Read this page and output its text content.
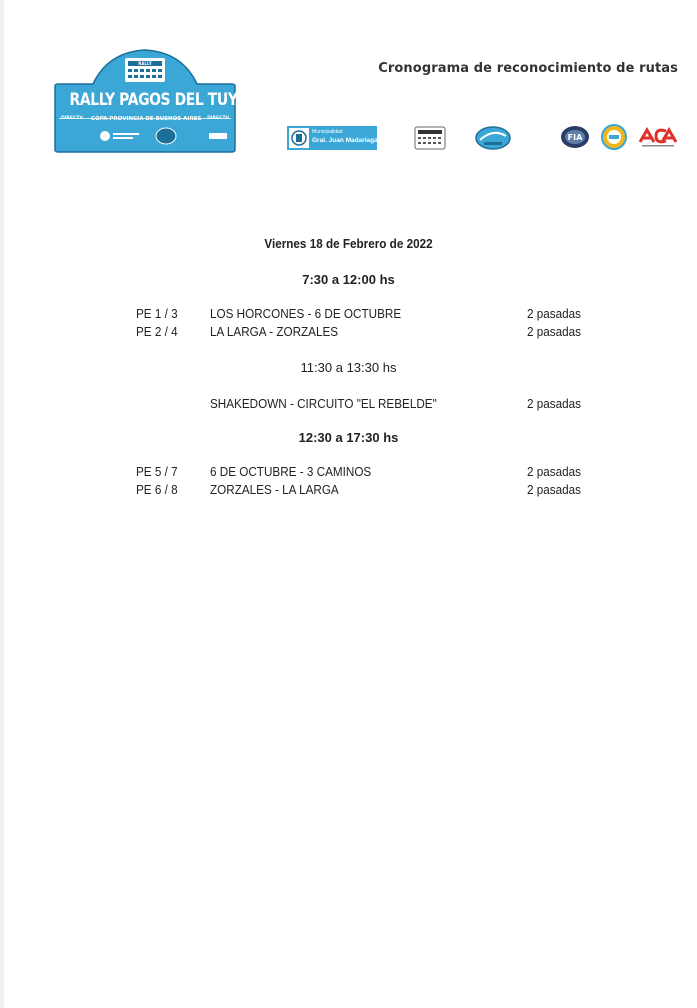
RALLY
RALLY PAGOS DEL TUYU
DIRECTV COPA PROVINCIA DE BUENOS AIRES DIRECTV
Cronograma de reconocimiento de rutas
Municipalidad
Gral. Juan Madariaga	FIA
Viernes 18 de Febrero de 2022
7:30 a 12:00 hs
PE 1 / 3 LOS HORCONES - 6 DE OCTUBRE	2 pasadas
PE 2 / 4 LA LARGA - ZORZALES	2 pasadas
11:30 a 13:30 hs
SHAKEDOWN - CIRCUITO "EL REBELDE"	2 pasadas
12:30 a 17:30 hs
PE 5 / 7 6 DE OCTUBRE - 3 CAMINOS	2 pasadas
PE 6 / 8 ZORZALES - LA LARGA	2 pasadas
